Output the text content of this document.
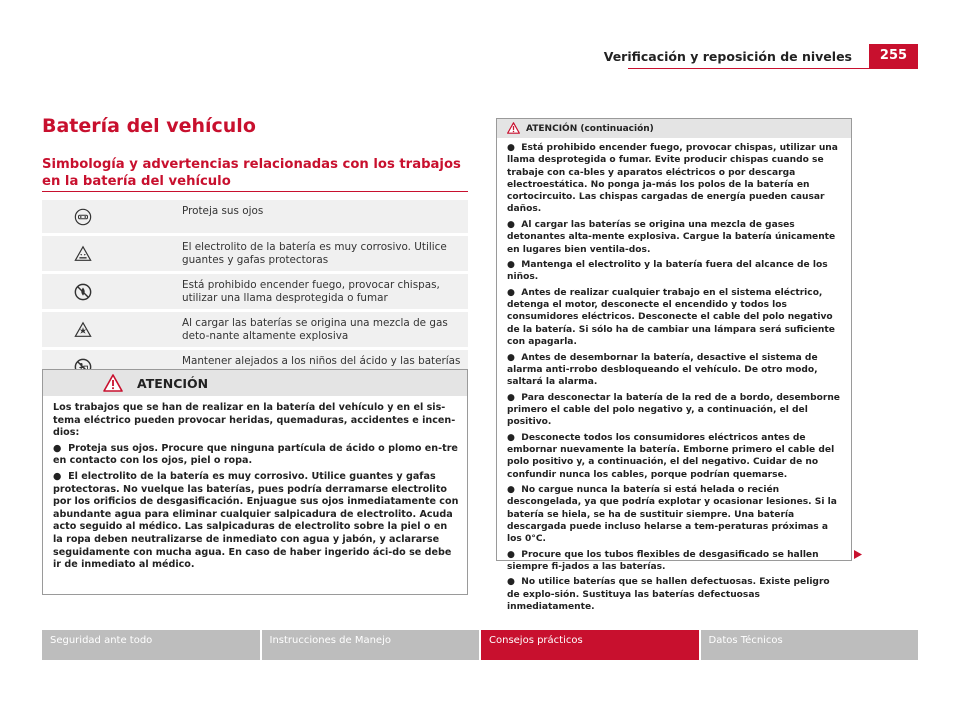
Verificación y reposición de niveles	255
Batería del vehículo
Simbología y advertencias relacionadas con los trabajos en la batería del vehículo
Proteja sus ojos
El electrolito de la batería es muy corrosivo. Utilice guantes y gafas protectoras
Está prohibido encender fuego, provocar chispas, utilizar una llama desprotegida o fumar
Al cargar las baterías se origina una mezcla de gas deto-nante altamente explosiva
Mantener alejados a los niños del ácido y las baterías
ATENCIÓN

Los trabajos que se han de realizar en la batería del vehículo y en el sis-tema eléctrico pueden provocar heridas, quemaduras, accidentes e incen-dios:

● Proteja sus ojos. Procure que ninguna partícula de ácido o plomo en-tre en contacto con los ojos, piel o ropa.

● El electrolito de la batería es muy corrosivo. Utilice guantes y gafas protectoras. No vuelque las baterías, pues podría derramarse electrolito por los orificios de desgasificación. Enjuague sus ojos inmediatamente con abundante agua para eliminar cualquier salpicadura de electrolito. Acuda acto seguido al médico. Las salpicaduras de electrolito sobre la piel o en la ropa deben neutralizarse de inmediato con agua y jabón, y aclararse seguidamente con mucha agua. En caso de haber ingerido áci-do se debe ir de inmediato al médico.

ATENCIÓN (continuación)

● Está prohibido encender fuego, provocar chispas, utilizar una llama desprotegida o fumar. Evite producir chispas cuando se trabaje con ca-bles y aparatos eléctricos o por descarga electroestática. No ponga ja-más los polos de la batería en cortocircuito. Las chispas cargadas de energía pueden causar daños.

● Al cargar las baterías se origina una mezcla de gases detonantes alta-mente explosiva. Cargue la batería únicamente en lugares bien ventila-dos.

● Mantenga el electrolito y la batería fuera del alcance de los niños.

● Antes de realizar cualquier trabajo en el sistema eléctrico, detenga el motor, desconecte el encendido y todos los consumidores eléctricos. Desconecte el cable del polo negativo de la batería. Si sólo ha de cambiar una lámpara será suficiente con apagarla.

● Antes de desembornar la batería, desactive el sistema de alarma anti-rrobo desbloqueando el vehículo. De otro modo, saltará la alarma.

● Para desconectar la batería de la red de a bordo, desemborne primero el cable del polo negativo y, a continuación, el del positivo.

● Desconecte todos los consumidores eléctricos antes de embornar nuevamente la batería. Emborne primero el cable del polo positivo y, a continuación, el del negativo. Cuidar de no confundir nunca los cables, porque podrían quemarse.

● No cargue nunca la batería si está helada o recién descongelada, ya que podría explotar y ocasionar lesiones. Si la batería se hiela, se ha de sustituir siempre. Una batería descargada puede incluso helarse a tem-peraturas próximas a los 0°C.

● Procure que los tubos flexibles de desgasificado se hallen siempre fi-jados a las baterías.

● No utilice baterías que se hallen defectuosas. Existe peligro de explo-sión. Sustituya las baterías defectuosas inmediatamente.

Seguridad ante todo	Instrucciones de Manejo	Consejos prácticos	Datos Técnicos
